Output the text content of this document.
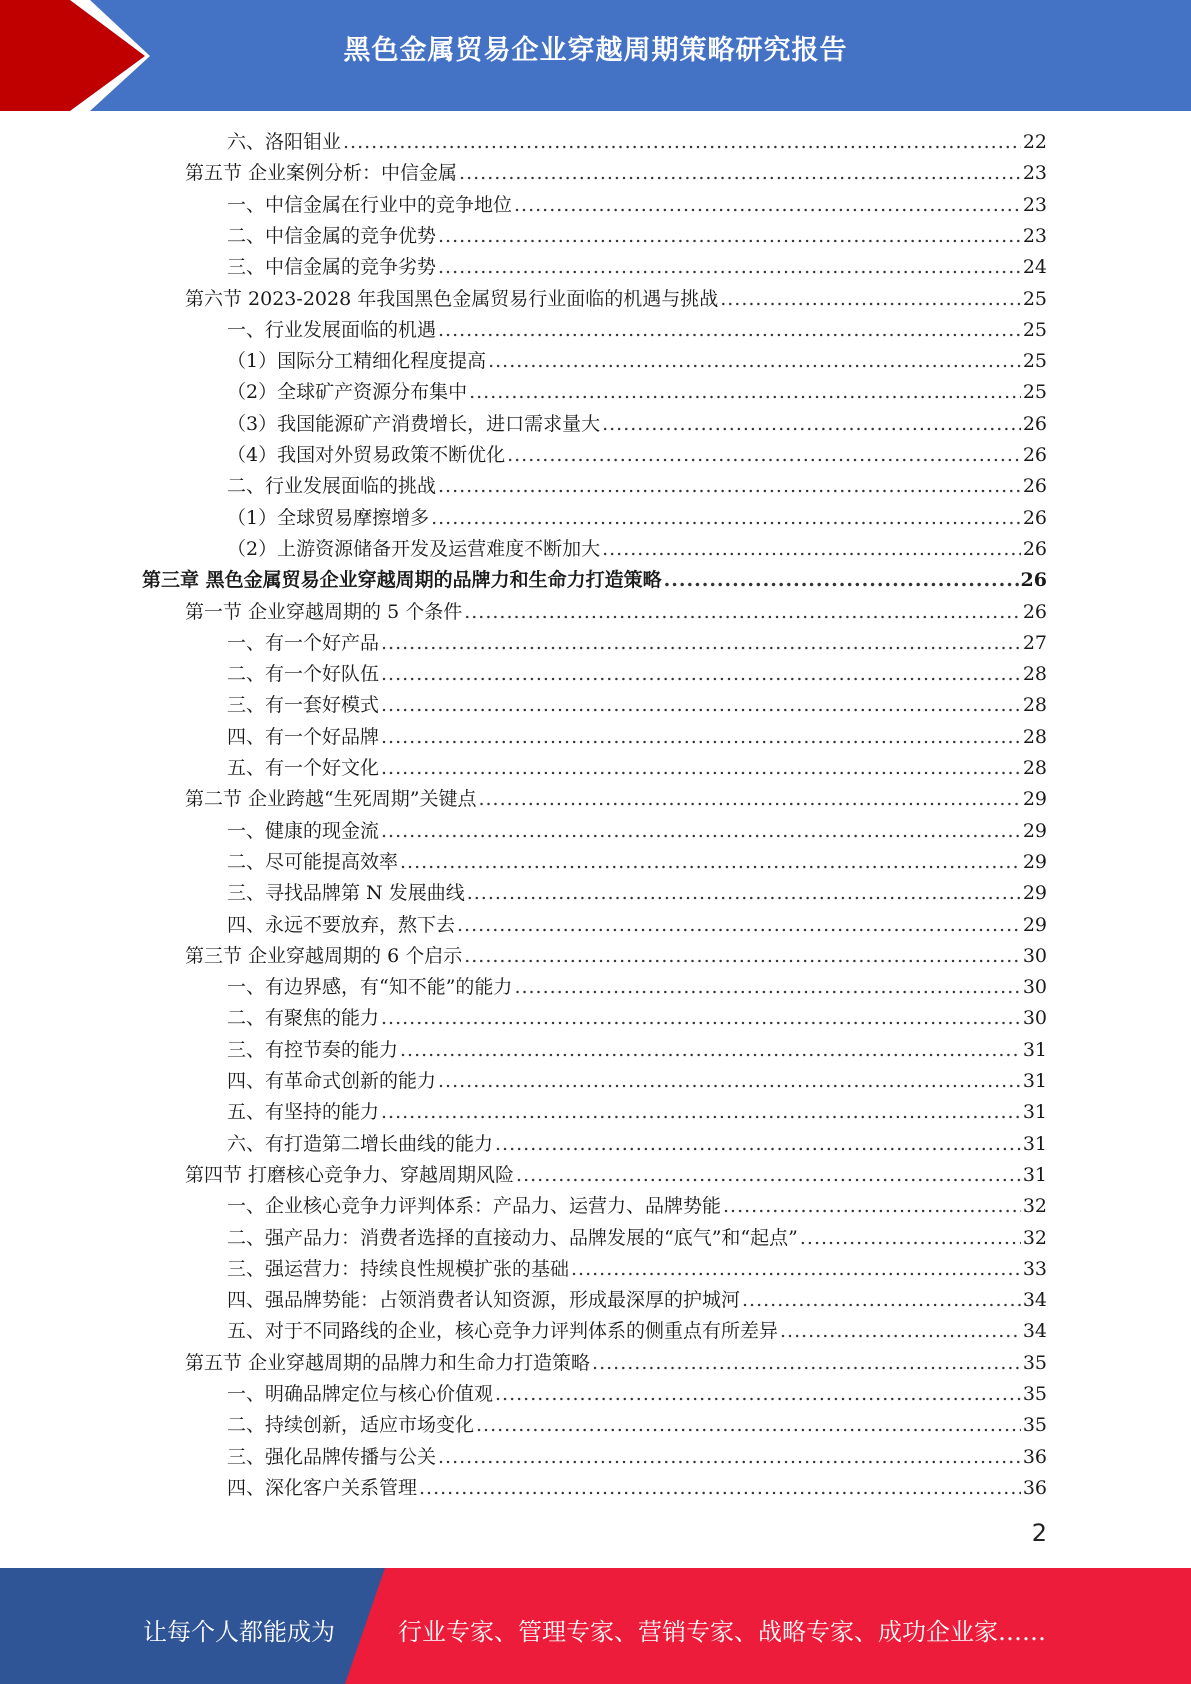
黑色金属贸易企业穿越周期策略研究报告
六、洛阳钼业 .....	22
第五节 企业案例分析：中信金属 .....	23
一、中信金属在行业中的竞争地位 .....	23
二、中信金属的竞争优势 .....	23
三、中信金属的竞争劣势 .....	24
第六节 2023-2028 年我国黑色金属贸易行业面临的机遇与挑战 .....	25
一、行业发展面临的机遇 .....	25
（1）国际分工精细化程度提高 .....	25
（2）全球矿产资源分布集中 .....	25
（3）我国能源矿产消费增长，进口需求量大 .....	26
（4）我国对外贸易政策不断优化 .....	26
二、行业发展面临的挑战 .....	26
（1）全球贸易摩擦增多 .....	26
（2）上游资源储备开发及运营难度不断加大 .....	26
第三章 黑色金属贸易企业穿越周期的品牌力和生命力打造策略 .....	26
第一节 企业穿越周期的 5 个条件 .....	26
一、有一个好产品 .....	27
二、有一个好队伍 .....	28
三、有一套好模式 .....	28
四、有一个好品牌 .....	28
五、有一个好文化 .....	28
第二节 企业跨越“生死周期”关键点 .....	29
一、健康的现金流 .....	29
二、尽可能提高效率 .....	29
三、寻找品牌第 N 发展曲线 .....	29
四、永远不要放弃，熬下去 .....	29
第三节 企业穿越周期的 6 个启示 .....	30
一、有边界感，有“知不能”的能力 .....	30
二、有聚焦的能力 .....	30
三、有控节奏的能力 .....	31
四、有革命式创新的能力 .....	31
五、有坚持的能力 .....	31
六、有打造第二增长曲线的能力 .....	31
第四节 打磨核心竞争力、穿越周期风险 .....	31
一、企业核心竞争力评判体系：产品力、运营力、品牌势能 .....	32
二、强产品力：消费者选择的直接动力、品牌发展的“底气”和“起点” .....	32
三、强运营力：持续良性规模扩张的基础 .....	33
四、强品牌势能：占领消费者认知资源，形成最深厚的护城河 .....	34
五、对于不同路线的企业，核心竞争力评判体系的侧重点有所差异 .....	34
第五节 企业穿越周期的品牌力和生命力打造策略 .....	35
一、明确品牌定位与核心价值观 .....	35
二、持续创新，适应市场变化 .....	35
三、强化品牌传播与公关 .....	36
四、深化客户关系管理 .....	36
2
让每个人都能成为	行业专家、管理专家、营销专家、战略专家、成功企业家……
